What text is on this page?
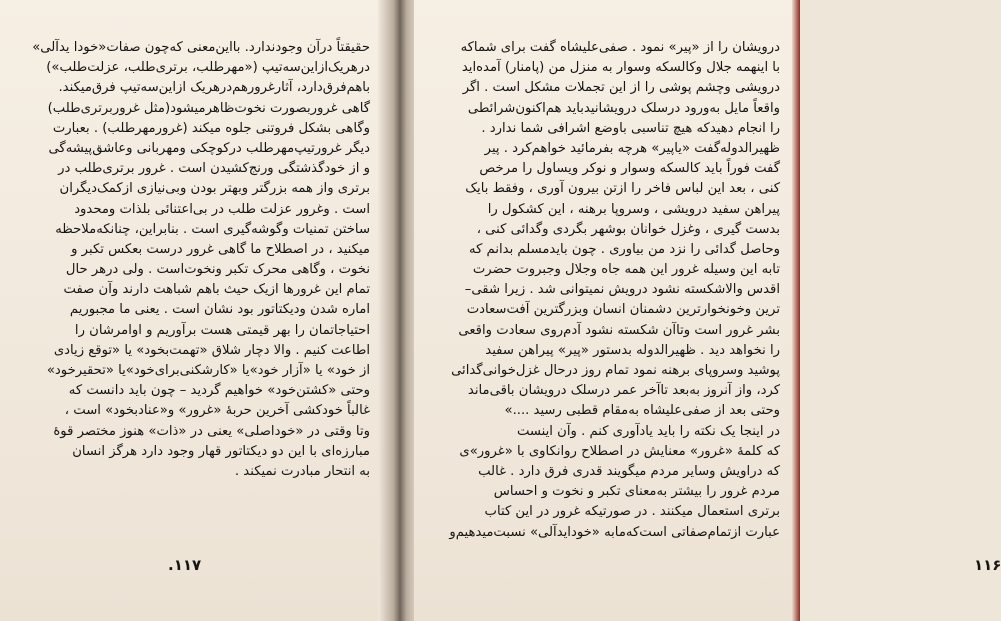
۱۱۷.	۱۱۶
حقیقتاً درآن وجودندارد. بااین‌معنی که‌چون صفات«خودا یدآلی»
درهریک‌ازاین‌سه‌تیپ («مهرطلب، برتری‌طلب، عزلت‌طلب»)
باهم‌فرق‌دارد، آثارغرورهم‌درهریک ازاین‌سه‌تیپ فرق‌میکند.
گاهی غروربصورت نخوت‌ظاهرمیشود(مثل غروربرتری‌طلب)
وگاهی بشکل فروتنی جلوه میکند (غرورمهرطلب) . بعبارت
دیگر غرورتیپ‌مهرطلب درکوچکی ومهربانی وعاشق‌پیشه‌گی
و از خودگذشتگی ورنج‌کشیدن است . غرور برتری‌طلب در
برتری واز همه بزرگتر وبهتر بودن وبی‌نیازی ازکمک‌دیگران
است . وغرور عزلت طلب در بی‌اعتنائی بلذات ومحدود
ساختن تمنیات وگوشه‌گیری است . بنابراین، چنانکه‌ملاحظه
میکنید ، در اصطلاح ما گاهی غرور درست بعکس تکبر و
نخوت ، وگاهی محرک تکبر ونخوت‌است . ولی درهر حال
تمام این غرورها ازیک حیث باهم شباهت دارند وآن صفت
اماره شدن ودیکتاتور بود نشان است . یعنی ما مجبوریم
احتیاجاتمان را بهر قیمتی هست برآوریم و اوامرشان را
اطاعت کنیم . والا دچار شلاق «تهمت‌بخود» یا «توقع زیادی
از خود» یا «آزار خود»یا «کارشکنی‌برای‌خود»یا «تحقیرخود»
وحتی «کشتن‌خود» خواهیم گردید – چون باید دانست که
غالباً خودکشی آخرین حربهٔ «غرور» و«عنادبخود» است ،
وتا وقتی در «خوداصلی» یعنی در «ذات» هنوز مختصر قوهٔ
مبارزه‌ای با این دو دیکتاتور قهار وجود دارد هرگز انسان
به انتحار مبادرت نمیکند .
درویشان را از «پیر» نمود . صفی‌علیشاه گفت برای شماکه
با اینهمه جلال وکالسکه وسوار به منزل من (پامنار) آمده‌اید
درویشی وچشم پوشی را از این تجملات مشکل است . اگر
واقعاً مایل به‌ورود درسلک درویشانیدباید هم‌اکنون‌شرائطی
را انجام دهیدکه هیچ تناسبی باوضع اشرافی شما ندارد .
ظهیرالدوله‌گفت «یاپیر» هرچه بفرمائید خواهم‌کرد . پیر
گفت فوراً باید کالسکه وسوار و نوکر ویساول را مرخص
کنی ، بعد این لباس فاخر را ازتن بیرون آوری ، وفقط بایک
پیراهن سفید درویشی ، وسروپا برهنه ، این کشکول را
بدست گیری ، وغزل خوانان بوشهر بگردی وگدائی کنی ،
وحاصل گدائی را نزد من بیاوری . چون بایدمسلم بدانم که
تابه این وسیله غرور این همه جاه وجلال وجبروت حضرت
اقدس والاشکسته نشود درویش نمیتوانی شد . زیرا شقی–
ترین وخونخوارترین دشمنان انسان وبزرگترین آفت‌سعادت
بشر غرور است وتاآن شکسته نشود آدم‌روی سعادت واقعی
را نخواهد دید . ظهیرالدوله بدستور «پیر» پیراهن سفید
پوشید وسروپای برهنه نمود تمام روز درحال غزل‌خوانی‌گدائی
کرد، واز آنروز به‌بعد تاآخر عمر درسلک درویشان باقی‌ماند
وحتی بعد از صفی‌علیشاه به‌مقام قطبی رسید ....»
در اینجا یک نکته را باید یادآوری کنم . وآن اینست
که کلمهٔ «غرور» معنایش در اصطلاح روانکاوی با «غرور»ی
که دراویش وسایر مردم میگویند قدری فرق دارد . غالب
مردم غرور را بیشتر به‌معنای تکبر و نخوت و احساس
برتری استعمال میکنند . در صورتیکه غرور در این کتاب
عبارت ازتمام‌صفاتی است‌که‌مابه «خودایدآلی» نسبت‌میدهیم‌و
